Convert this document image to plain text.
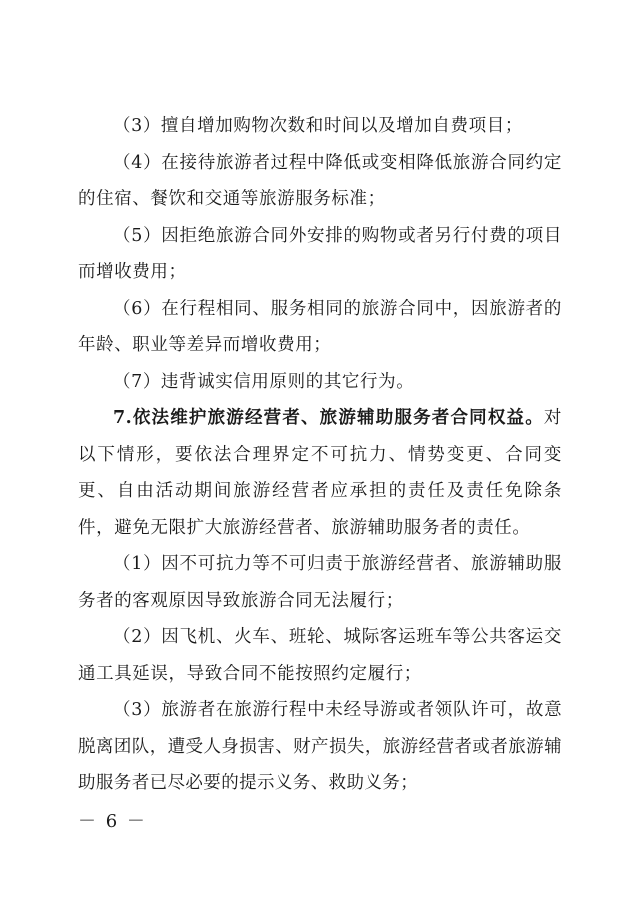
（3）擅自增加购物次数和时间以及增加自费项目；

（4）在接待旅游者过程中降低或变相降低旅游合同约定的住宿、餐饮和交通等旅游服务标准；

（5）因拒绝旅游合同外安排的购物或者另行付费的项目而增收费用；

（6）在行程相同、服务相同的旅游合同中，因旅游者的年龄、职业等差异而增收费用；

（7）违背诚实信用原则的其它行为。

7.依法维护旅游经营者、旅游辅助服务者合同权益。对以下情形，要依法合理界定不可抗力、情势变更、合同变更、自由活动期间旅游经营者应承担的责任及责任免除条件，避免无限扩大旅游经营者、旅游辅助服务者的责任。

（1）因不可抗力等不可归责于旅游经营者、旅游辅助服务者的客观原因导致旅游合同无法履行；

（2）因飞机、火车、班轮、城际客运班车等公共客运交通工具延误，导致合同不能按照约定履行；

（3）旅游者在旅游行程中未经导游或者领队许可，故意脱离团队，遭受人身损害、财产损失，旅游经营者或者旅游辅助服务者已尽必要的提示义务、救助义务；

－ 6 －
